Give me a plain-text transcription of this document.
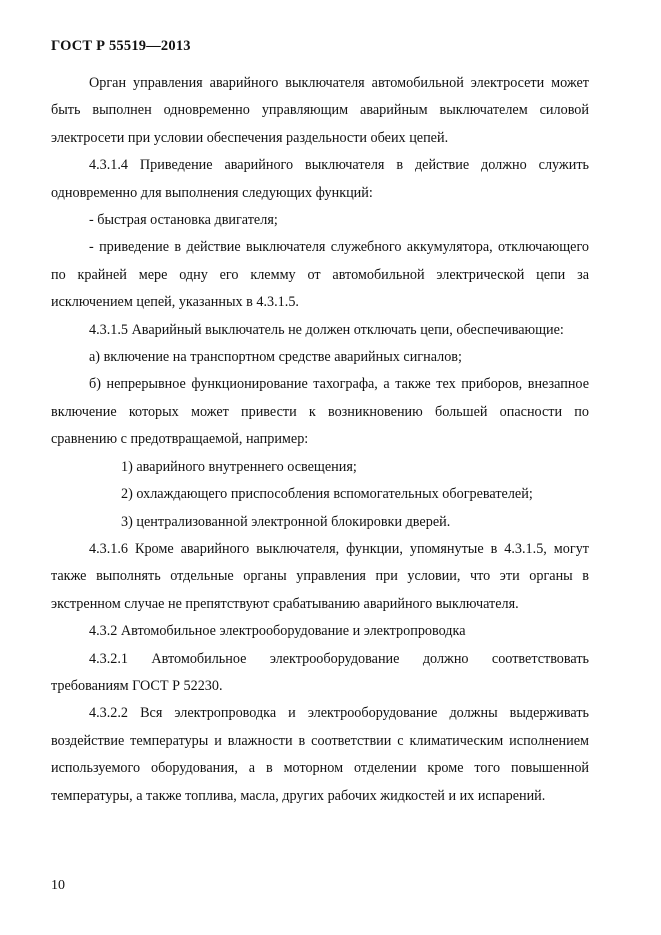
ГОСТ Р 55519—2013

Орган управления аварийного выключателя автомобильной электросети может быть выполнен одновременно управляющим аварийным выключателем силовой электросети при условии обеспечения раздельности обеих цепей.

4.3.1.4 Приведение аварийного выключателя в действие должно служить одновременно для выполнения следующих функций:

- быстрая остановка двигателя;

- приведение в действие выключателя служебного аккумулятора, отключающего по крайней мере одну его клемму от автомобильной электрической цепи за исключением цепей, указанных в 4.3.1.5.

4.3.1.5 Аварийный выключатель не должен отключать цепи, обеспечивающие:

а) включение на транспортном средстве аварийных сигналов;

б) непрерывное функционирование тахографа, а также тех приборов, внезапное включение которых может привести к возникновению большей опасности по сравнению с предотвращаемой, например:

1) аварийного внутреннего освещения;

2) охлаждающего приспособления вспомогательных обогревателей;

3) централизованной электронной блокировки дверей.

4.3.1.6 Кроме аварийного выключателя, функции, упомянутые в 4.3.1.5, могут также выполнять отдельные органы управления при условии, что эти органы в экстренном случае не препятствуют срабатыванию аварийного выключателя.

4.3.2 Автомобильное электрооборудование и электропроводка

4.3.2.1 Автомобильное электрооборудование должно соответствовать требованиям ГОСТ Р 52230.

4.3.2.2 Вся электропроводка и электрооборудование должны выдерживать воздействие температуры и влажности в соответствии с климатическим исполнением используемого оборудования, а в моторном отделении кроме того повышенной температуры, а также топлива, масла, других рабочих жидкостей и их испарений.

10
